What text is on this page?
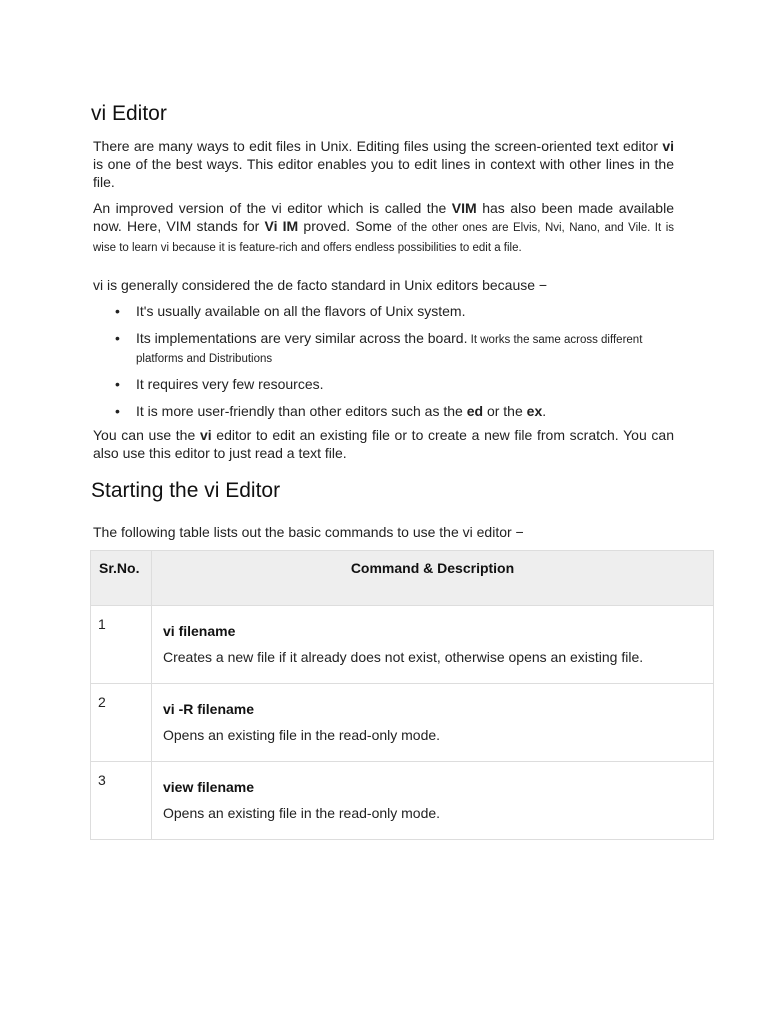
vi Editor

There are many ways to edit files in Unix. Editing files using the screen-oriented text editor vi is one of the best ways. This editor enables you to edit lines in context with other lines in the file.

An improved version of the vi editor which is called the VIM has also been made available now. Here, VIM stands for Vi IM proved. Some of the other ones are Elvis, Nvi, Nano, and Vile. It is wise to learn vi because it is feature-rich and offers endless possibilities to edit a file.

vi is generally considered the de facto standard in Unix editors because −

• It's usually available on all the flavors of Unix system.
• Its implementations are very similar across the board. It works the same across different platforms and Distributions
• It requires very few resources.
• It is more user-friendly than other editors such as the ed or the ex.

You can use the vi editor to edit an existing file or to create a new file from scratch. You can also use this editor to just read a text file.

Starting the vi Editor

The following table lists out the basic commands to use the vi editor −

Sr.No.	Command & Description
1	vi filename
Creates a new file if it already does not exist, otherwise opens an existing file.

2	vi -R filename
Opens an existing file in the read-only mode.

3	view filename
Opens an existing file in the read-only mode.
